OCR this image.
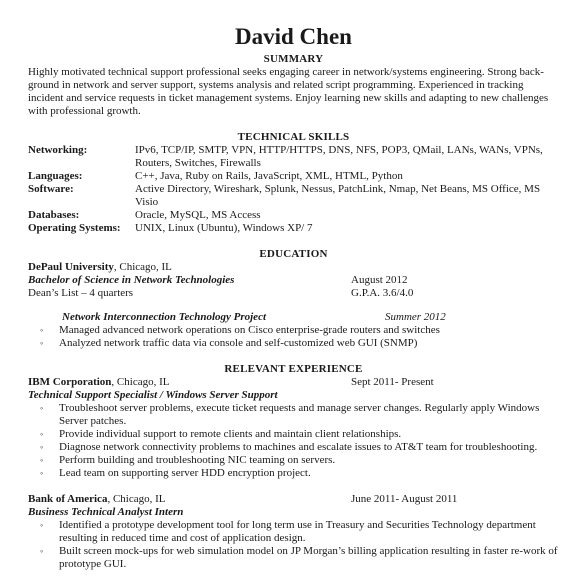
David Chen
SUMMARY
Highly motivated technical support professional seeks engaging career in network/systems engineering. Strong back-ground in network and server support, systems analysis and related script programming. Experienced in tracking incident and service requests in ticket management systems. Enjoy learning new skills and adapting to new challenges with professional growth.
TECHNICAL SKILLS
Networking:	IPv6, TCP/IP, SMTP, VPN, HTTP/HTTPS, DNS, NFS, POP3, QMail, LANs, WANs, VPNs, Routers, Switches, Firewalls
Languages:	C++, Java, Ruby on Rails, JavaScript, XML, HTML, Python
Software:	Active Directory, Wireshark, Splunk, Nessus, PatchLink, Nmap, Net Beans, MS Office, MS Visio
Databases:	Oracle, MySQL, MS Access
Operating Systems:	UNIX, Linux (Ubuntu), Windows XP/ 7
EDUCATION
DePaul University, Chicago, IL
Bachelor of Science in Network Technologies	August 2012
Dean’s List – 4 quarters	G.P.A. 3.6/4.0
Network Interconnection Technology Project	Summer 2012
◦ Managed advanced network operations on Cisco enterprise-grade routers and switches
◦ Analyzed network traffic data via console and self-customized web GUI (SNMP)
RELEVANT EXPERIENCE
IBM Corporation, Chicago, IL	Sept 2011- Present
Technical Support Specialist / Windows Server Support
◦ Troubleshoot server problems, execute ticket requests and manage server changes. Regularly apply Windows Server patches.
◦ Provide individual support to remote clients and maintain client relationships.
◦ Diagnose network connectivity problems to machines and escalate issues to AT&T team for troubleshooting.
◦ Perform building and troubleshooting NIC teaming on servers.
◦ Lead team on supporting server HDD encryption project.
Bank of America, Chicago, IL	June 2011- August 2011
Business Technical Analyst Intern
◦ Identified a prototype development tool for long term use in Treasury and Securities Technology department resulting in reduced time and cost of application design.
◦ Built screen mock-ups for web simulation model on JP Morgan’s billing application resulting in faster re-work of prototype GUI.
